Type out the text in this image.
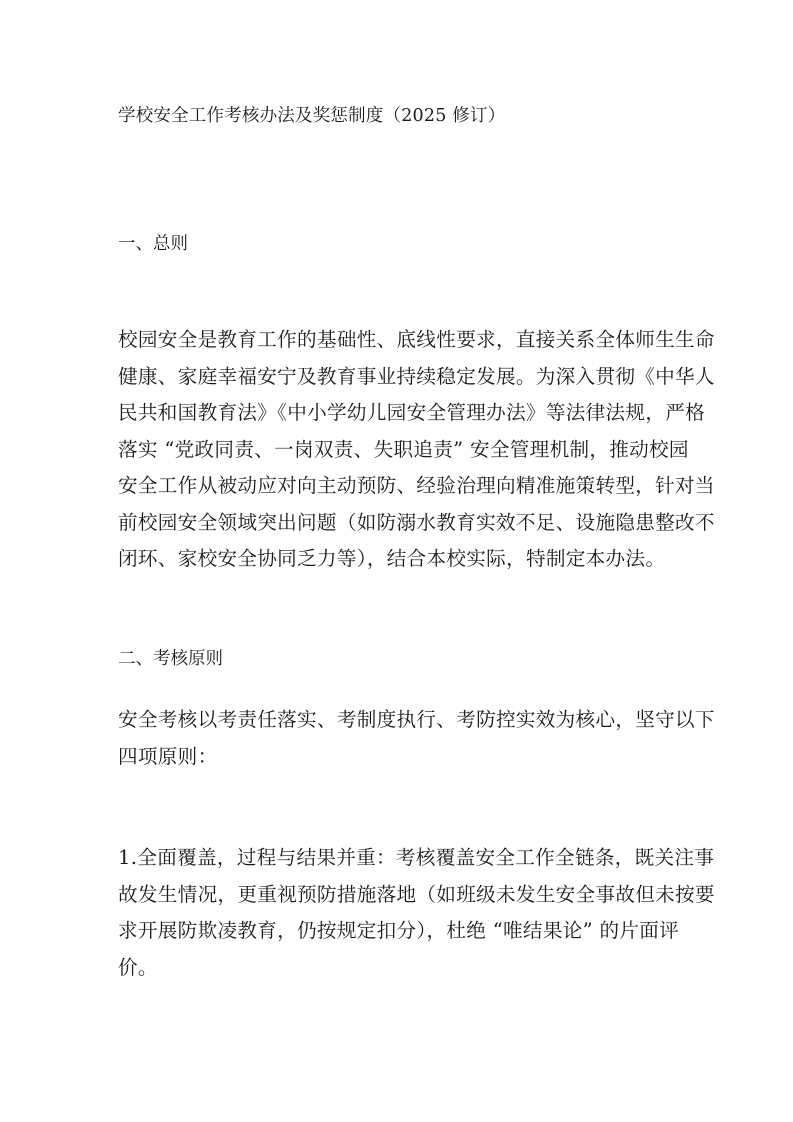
学校安全工作考核办法及奖惩制度（2025 修订）
一、总则
校园安全是教育工作的基础性、底线性要求，直接关系全体师生生命
健康、家庭幸福安宁及教育事业持续稳定发展。为深入贯彻《中华人
民共和国教育法》《中小学幼儿园安全管理办法》等法律法规，严格
落实 “党政同责、一岗双责、失职追责” 安全管理机制，推动校园
安全工作从被动应对向主动预防、经验治理向精准施策转型，针对当
前校园安全领域突出问题（如防溺水教育实效不足、设施隐患整改不
闭环、家校安全协同乏力等），结合本校实际，特制定本办法。
二、考核原则
安全考核以考责任落实、考制度执行、考防控实效为核心，坚守以下
四项原则：
1.全面覆盖，过程与结果并重：考核覆盖安全工作全链条，既关注事
故发生情况，更重视预防措施落地（如班级未发生安全事故但未按要
求开展防欺凌教育，仍按规定扣分），杜绝 “唯结果论” 的片面评
价。
